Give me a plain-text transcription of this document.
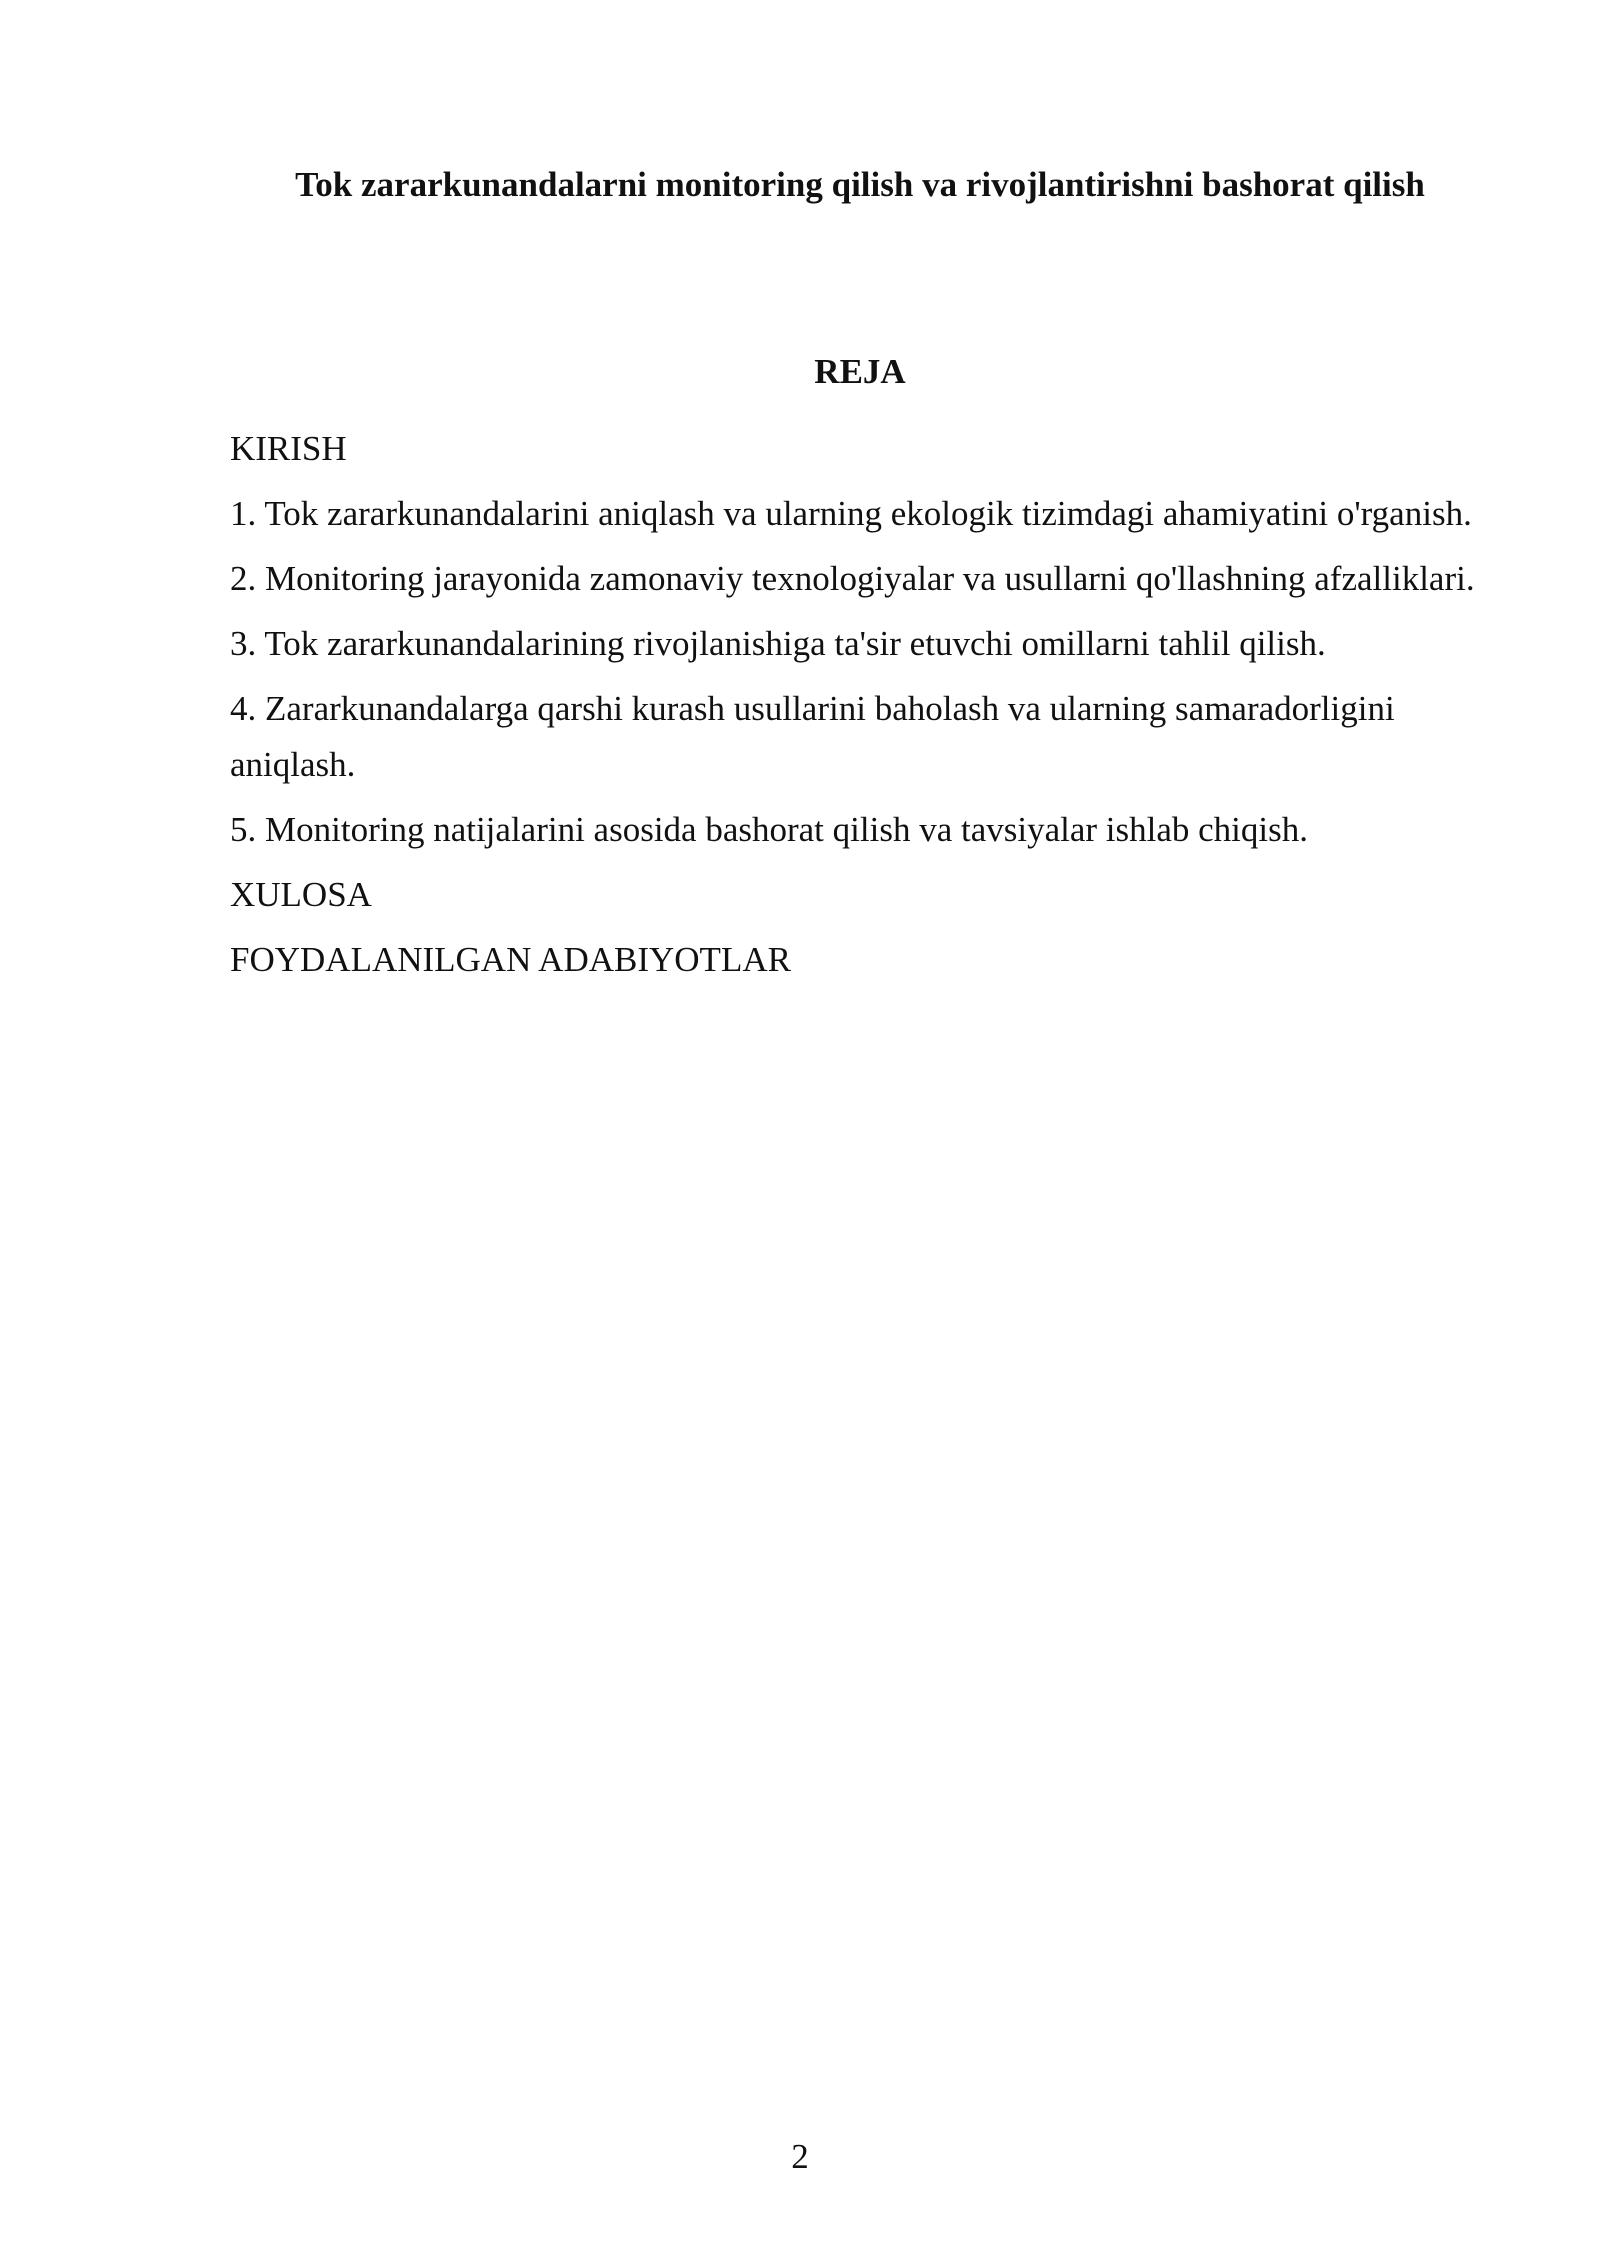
Tok zararkunandalarni monitoring qilish va rivojlantirishni bashorat qilish
REJA

KIRISH

1. Tok zararkunandalarini aniqlash va ularning ekologik tizimdagi ahamiyatini o'rganish.

2. Monitoring jarayonida zamonaviy texnologiyalar va usullarni qo'llashning afzalliklari.

3. Tok zararkunandalarining rivojlanishiga ta'sir etuvchi omillarni tahlil qilish.

4. Zararkunandalarga qarshi kurash usullarini baholash va ularning samaradorligini aniqlash.

5. Monitoring natijalarini asosida bashorat qilish va tavsiyalar ishlab chiqish.

XULOSA

FOYDALANILGAN ADABIYOTLAR

2
